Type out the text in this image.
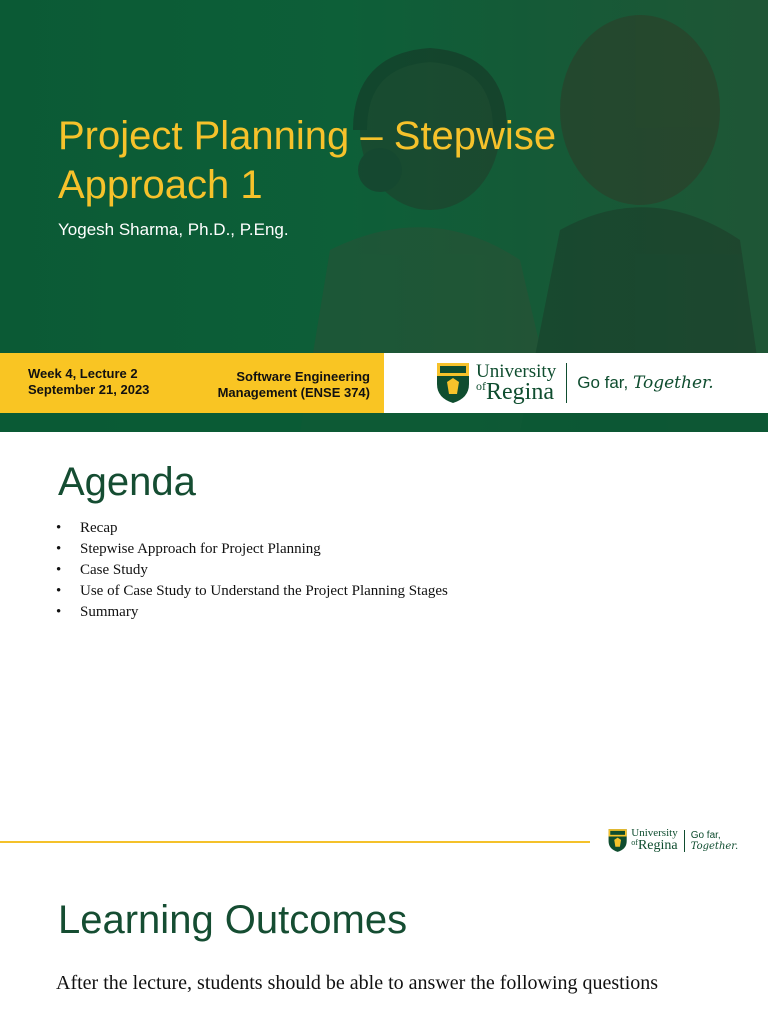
Project Planning – Stepwise Approach 1
Yogesh Sharma, Ph.D., P.Eng.
Week 4, Lecture 2
September 21, 2023
Software Engineering
Management (ENSE 374)
University
$^{of}$Regina Go far, Together.
Agenda
• Recap
• Stepwise Approach for Project Planning
• Case Study
• Use of Case Study to Understand the Project Planning Stages
• Summary
University
$^{of}$Regina
Go far, Together.
Learning Outcomes

After the lecture, students should be able to answer the following questions
